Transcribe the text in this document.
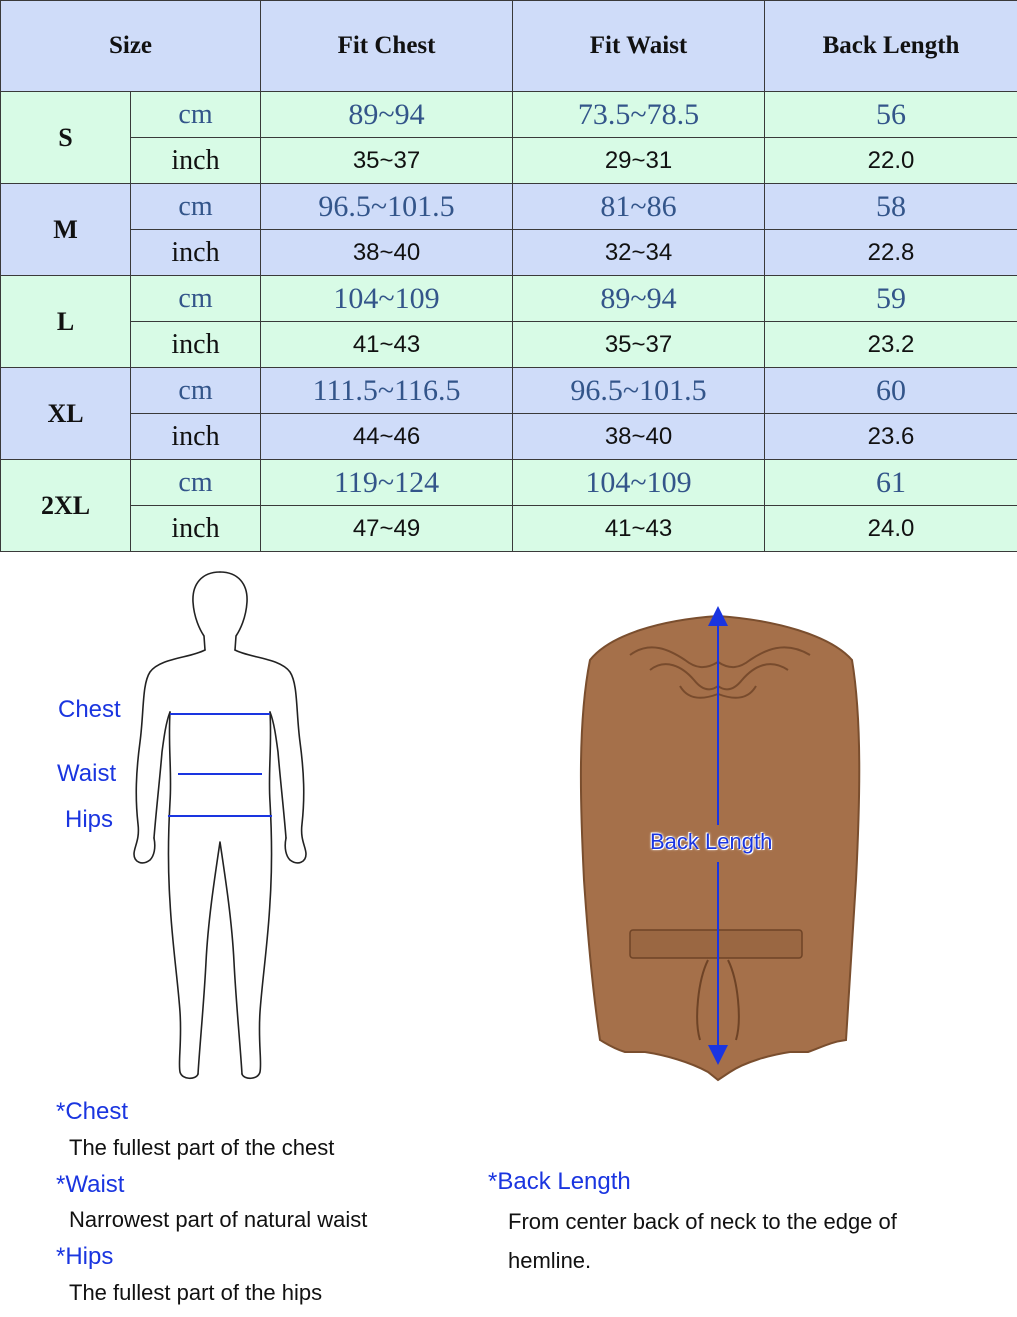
Size		Fit Chest	Fit Waist	Back Length
S	cm	89~94	73.5~78.5	56
	inch	35~37	29~31	22.0
M	cm	96.5~101.5	81~86	58
	inch	38~40	32~34	22.8
L	cm	104~109	89~94	59
	inch	41~43	35~37	23.2
XL	cm	111.5~116.5	96.5~101.5	60
	inch	44~46	38~40	23.6
2XL	cm	119~124	104~109	61
	inch	47~49	41~43	24.0
Chest
Waist
Hips
Back Length
*Chest
The fullest part of the chest
*Waist
Narrowest part of natural waist
*Hips
The fullest part of the hips
*Back Length
From center back of neck to the edge of
hemline.
